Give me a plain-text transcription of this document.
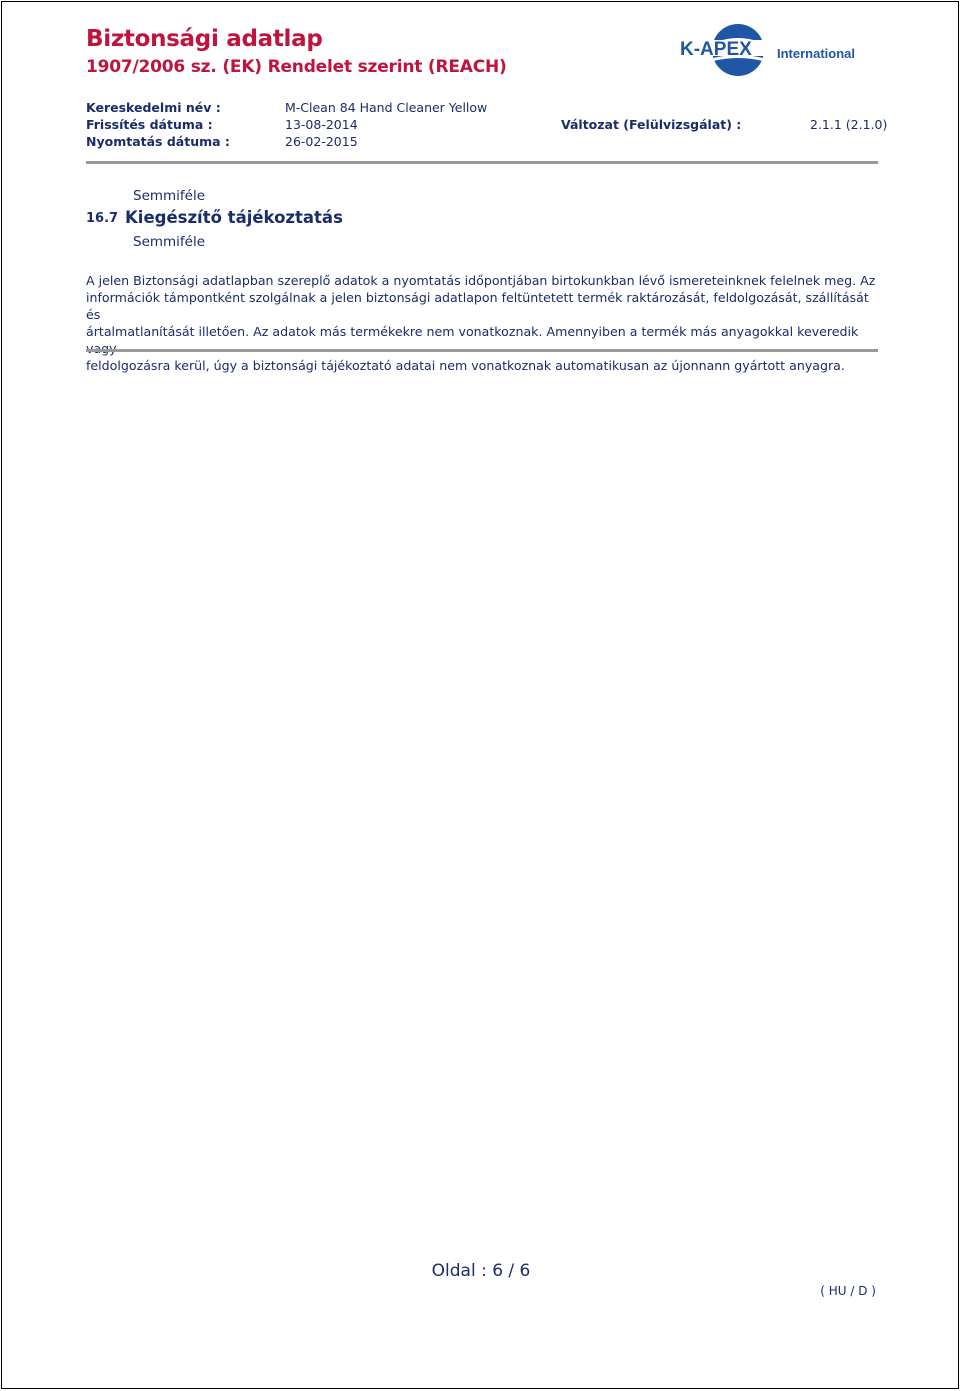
Biztonsági adatlap
1907/2006 sz. (EK) Rendelet szerint (REACH)
K-APEX International
Kereskedelmi név :
Frissítés dátuma :
Nyomtatás dátuma :
M-Clean 84 Hand Cleaner Yellow
13-08-2014
26-02-2015
Változat (Felülvizsgálat) :	2.1.1 (2.1.0)
Semmiféle
16.7 Kiegészítő tájékoztatás
Semmiféle

A jelen Biztonsági adatlapban szereplő adatok a nyomtatás időpontjában birtokunkban lévő ismereteinknek felelnek meg. Az

információk támpontként szolgálnak a jelen biztonsági adatlapon feltüntetett termék raktározását, feldolgozását, szállítását és

ártalmatlanítását illetően. Az adatok más termékekre nem vonatkoznak. Amennyiben a termék más anyagokkal keveredik

feldolgozásra kerül, úgy a biztonsági tájékoztató adatai nem vonatkoznak automatikusan az újonnann gyártott anyagra.

Oldal : 6 / 6
( HU / D )
